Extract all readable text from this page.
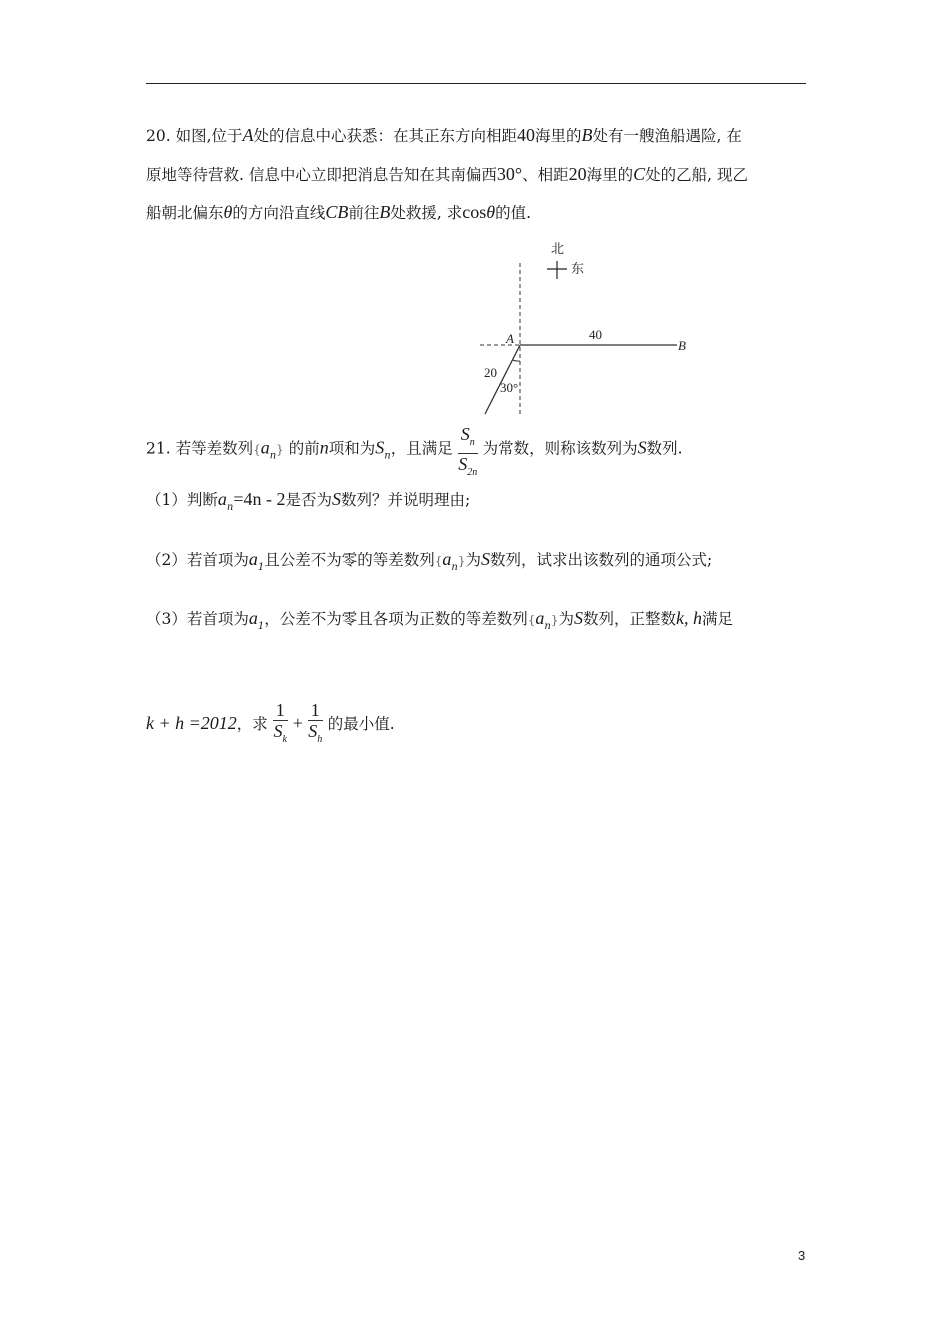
20. 如图,位于A处的信息中心获悉：在其正东方向相距40海里的B处有一艘渔船遇险, 在
原地等待营救. 信息中心立即把消息告知在其南偏西30°、相距20海里的C处的乙船, 现乙
船朝北偏东θ的方向沿直线CB前往B处救援, 求cosθ的值.
北
东
A	B
40
20
30°
21. 若等差数列$\{a_n\}$ 的前n项和为$S_n$，且满足 $\frac{S_n}{S_{2n}}$ 为常数，则称该数列为S数列.
（1）判断$a_n=4n - 2$是否为S数列？并说明理由;
（2）若首项为$a_1$且公差不为零的等差数列$\{a_n\}$为S数列，试求出该数列的通项公式;
（3）若首项为$a_1$，公差不为零且各项为正数的等差数列$\{a_n\}$为S数列，正整数k, h满足
k + h =2012，求 $\frac{1}{S_k} + \frac{1}{S_h}$ 的最小值.
3
